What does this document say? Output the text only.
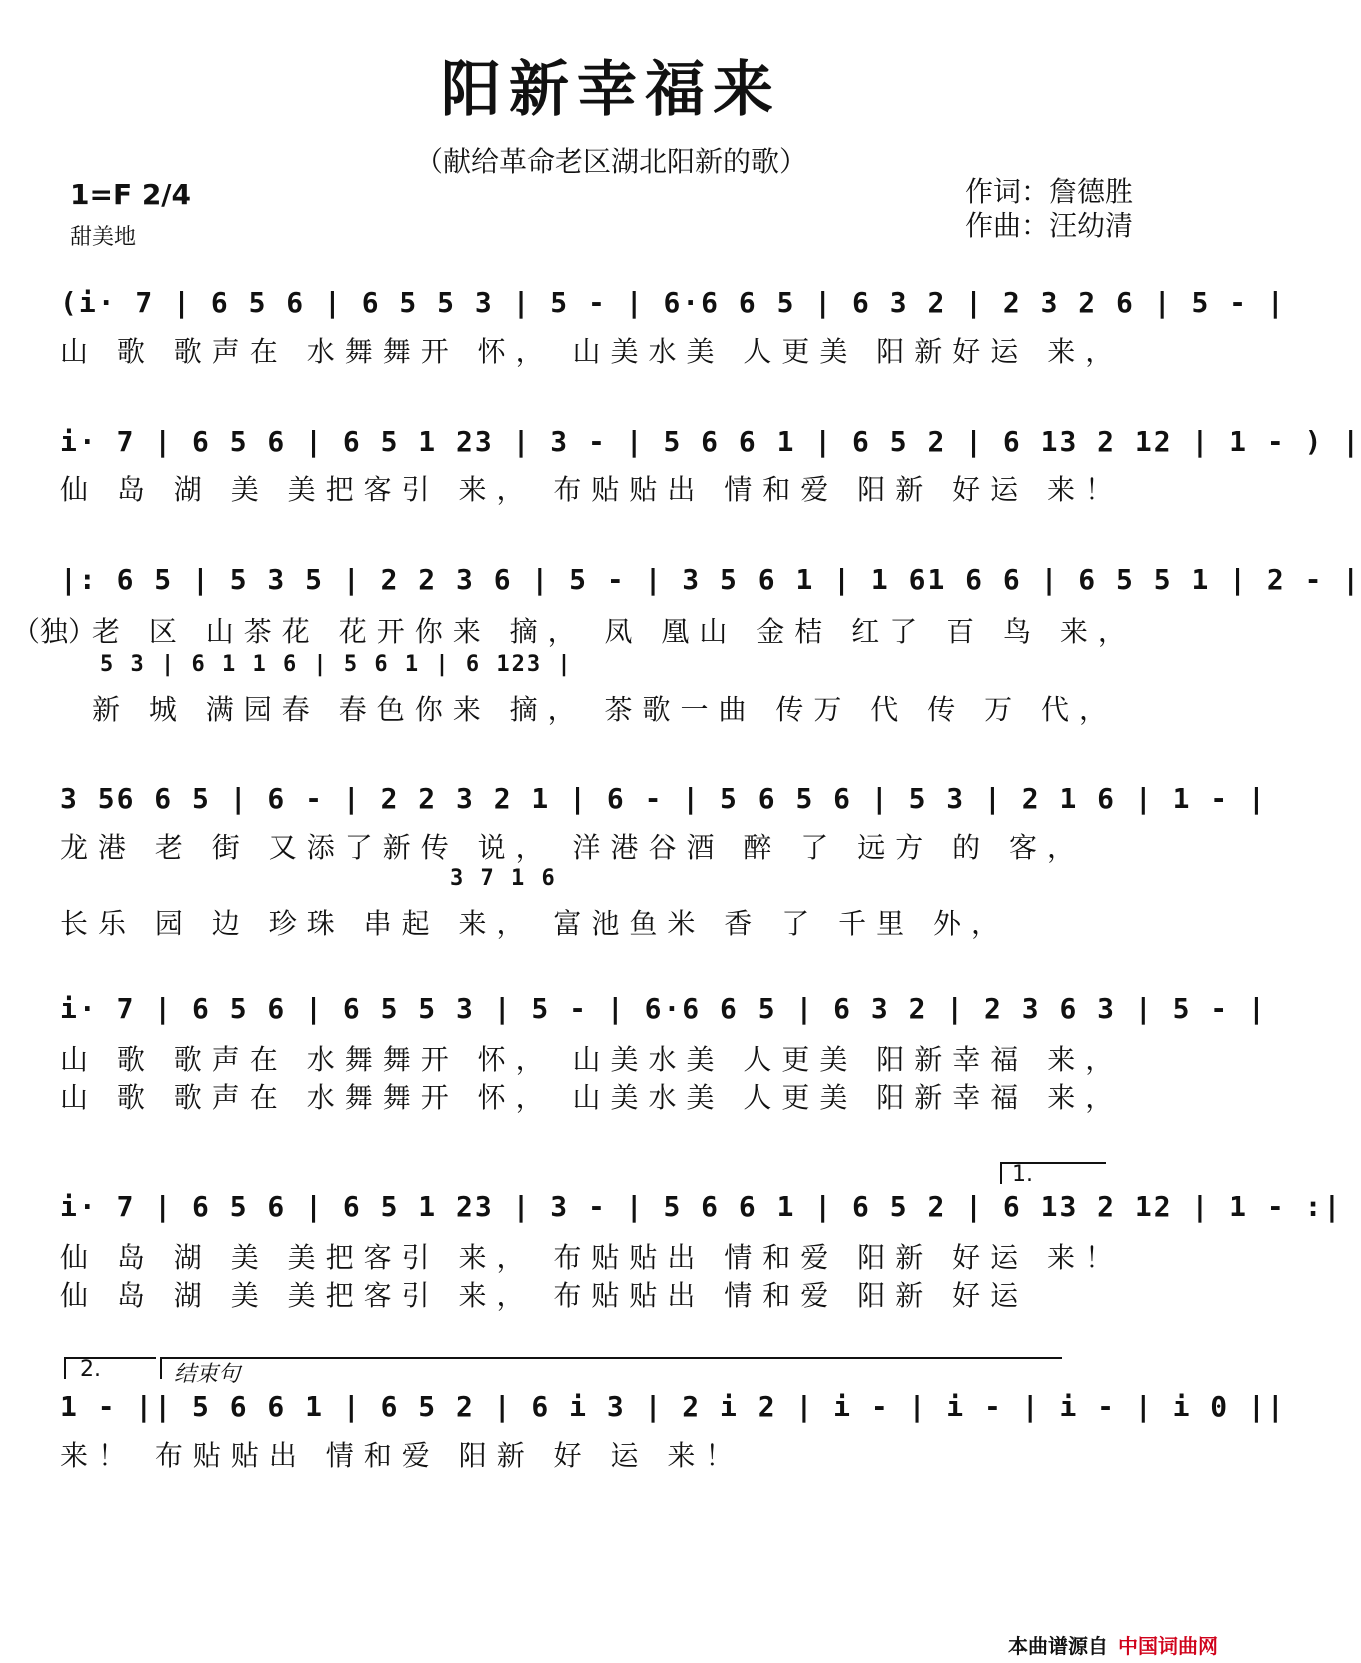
阳新幸福来
（献给革命老区湖北阳新的歌）
1=F 2/4
甜美地
作词：詹德胜
作曲：汪幼清
(i· 7 | 6 5 6 | 6 5 5 3 | 5 - | 6·6 6 5 | 6 3 2 | 2 3 2 6 | 5 - |
山 歌 歌声在 水舞舞开 怀， 山美水美 人更美 阳新好运 来，
i· 7 | 6 5 6 | 6 5 1 23 | 3 - | 5 6 6 1 | 6 5 2 | 6 13 2 12 | 1 - ) |
仙 岛 湖 美 美把客引 来， 布贴贴出 情和爱 阳新 好运 来！
|: 6 5 | 5 3 5 | 2 2 3 6 | 5 - | 3 5 6 1 | 1 61 6 6 | 6 5 5 1 | 2 - |
（独）
老 区 山茶花 花开你来 摘， 凤 凰山 金桔 红了 百 鸟 来，
5 3 | 6 1 1 6 | 5 6 1 | 6 123 |
新 城 满园春 春色你来 摘， 茶歌一曲 传万 代 传 万 代，
3 56 6 5 | 6 - | 2 2 3 2 1 | 6 - | 5 6 5 6 | 5 3 | 2 1 6 | 1 - |
龙港 老 街 又添了新传 说， 洋港谷酒 醉 了 远方 的 客，
3 7 1 6
长乐 园 边 珍珠 串起 来， 富池鱼米 香 了 千里 外，
i· 7 | 6 5 6 | 6 5 5 3 | 5 - | 6·6 6 5 | 6 3 2 | 2 3 6 3 | 5 - |
山 歌 歌声在 水舞舞开 怀， 山美水美 人更美 阳新幸福 来，
山 歌 歌声在 水舞舞开 怀， 山美水美 人更美 阳新幸福 来，
1.
i· 7 | 6 5 6 | 6 5 1 23 | 3 - | 5 6 6 1 | 6 5 2 | 6 13 2 12 | 1 - :|
仙 岛 湖 美 美把客引 来， 布贴贴出 情和爱 阳新 好运 来！
仙 岛 湖 美 美把客引 来， 布贴贴出 情和爱 阳新 好运
2.	结束句
1 - || 5 6 6 1 | 6 5 2 | 6 i 3 | 2 i 2 | i - | i - | i - | i 0 ||
来！ 布贴贴出 情和爱 阳新 好 运 来！
本曲谱源自 中国词曲网
